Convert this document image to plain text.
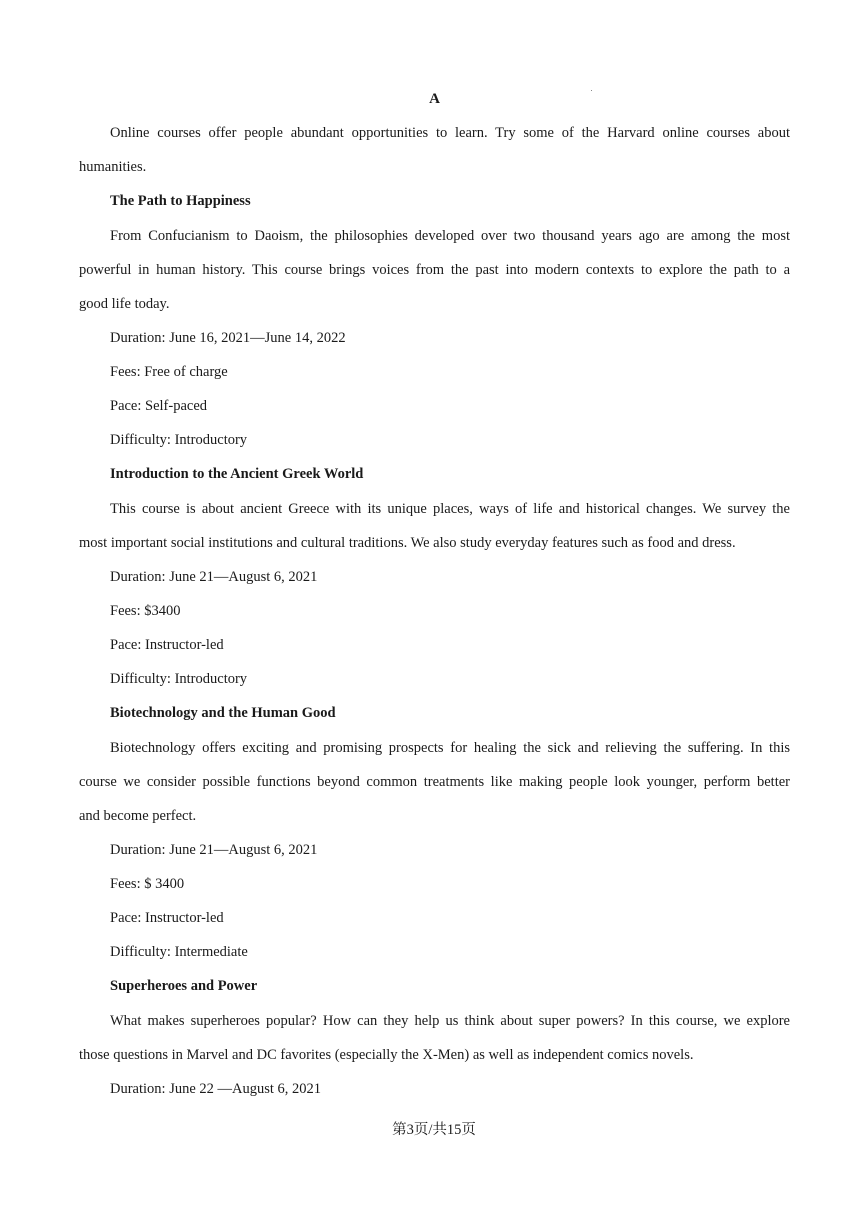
A
Online courses offer people abundant opportunities to learn. Try some of the Harvard online courses about
humanities.
The Path to Happiness
From Confucianism to Daoism, the philosophies developed over two thousand years ago are among the most
powerful in human history. This course brings voices from the past into modern contexts to explore the path to a
good life today.
Duration: June 16, 2021—June 14, 2022
Fees: Free of charge
Pace: Self-paced
Difficulty: Introductory
Introduction to the Ancient Greek World
This course is about ancient Greece with its unique places, ways of life and historical changes. We survey the
most important social institutions and cultural traditions. We also study everyday features such as food and dress.
Duration: June 21—August 6, 2021
Fees: $3400
Pace: Instructor-led
Difficulty: Introductory
Biotechnology and the Human Good
Biotechnology offers exciting and promising prospects for healing the sick and relieving the suffering. In this
course we consider possible functions beyond common treatments like making people look younger, perform better
and become perfect.
Duration: June 21—August 6, 2021
Fees: $ 3400
Pace: Instructor-led
Difficulty: Intermediate
Superheroes and Power
What makes superheroes popular? How can they help us think about super powers? In this course, we explore
those questions in Marvel and DC favorites (especially the X-Men) as well as independent comics novels.
Duration: June 22 —August 6, 2021
第3页/共15页
